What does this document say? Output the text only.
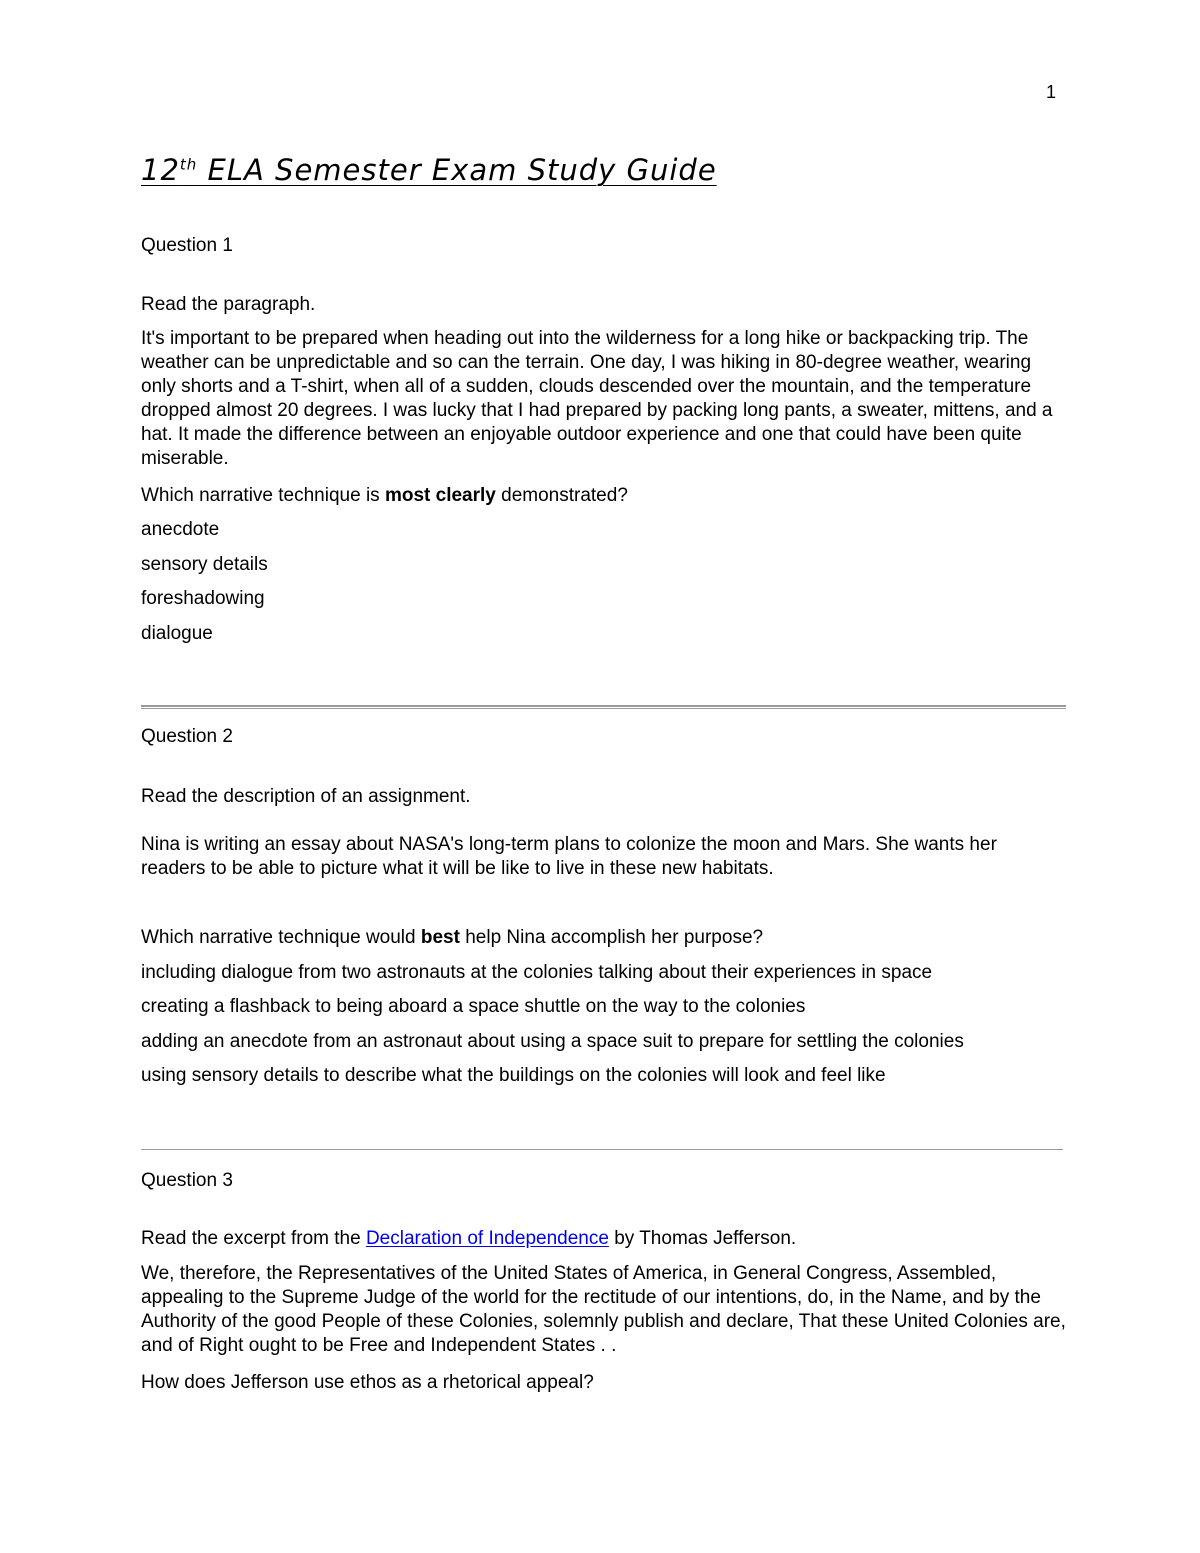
1
12th ELA Semester Exam Study Guide

Question 1

Read the paragraph.

It's important to be prepared when heading out into the wilderness for a long hike or backpacking trip. The weather can be unpredictable and so can the terrain. One day, I was hiking in 80-degree weather, wearing only shorts and a T-shirt, when all of a sudden, clouds descended over the mountain, and the temperature dropped almost 20 degrees. I was lucky that I had prepared by packing long pants, a sweater, mittens, and a hat. It made the difference between an enjoyable outdoor experience and one that could have been quite miserable.

Which narrative technique is most clearly demonstrated?

anecdote

sensory details

foreshadowing

dialogue

Question 2

Read the description of an assignment.

Nina is writing an essay about NASA's long-term plans to colonize the moon and Mars. She wants her readers to be able to picture what it will be like to live in these new habitats.

Which narrative technique would best help Nina accomplish her purpose?

including dialogue from two astronauts at the colonies talking about their experiences in space

creating a flashback to being aboard a space shuttle on the way to the colonies

adding an anecdote from an astronaut about using a space suit to prepare for settling the colonies

using sensory details to describe what the buildings on the colonies will look and feel like

Question 3

Read the excerpt from the Declaration of Independence by Thomas Jefferson.

We, therefore, the Representatives of the United States of America, in General Congress, Assembled, appealing to the Supreme Judge of the world for the rectitude of our intentions, do, in the Name, and by the Authority of the good People of these Colonies, solemnly publish and declare, That these United Colonies are, and of Right ought to be Free and Independent States . .

How does Jefferson use ethos as a rhetorical appeal?
